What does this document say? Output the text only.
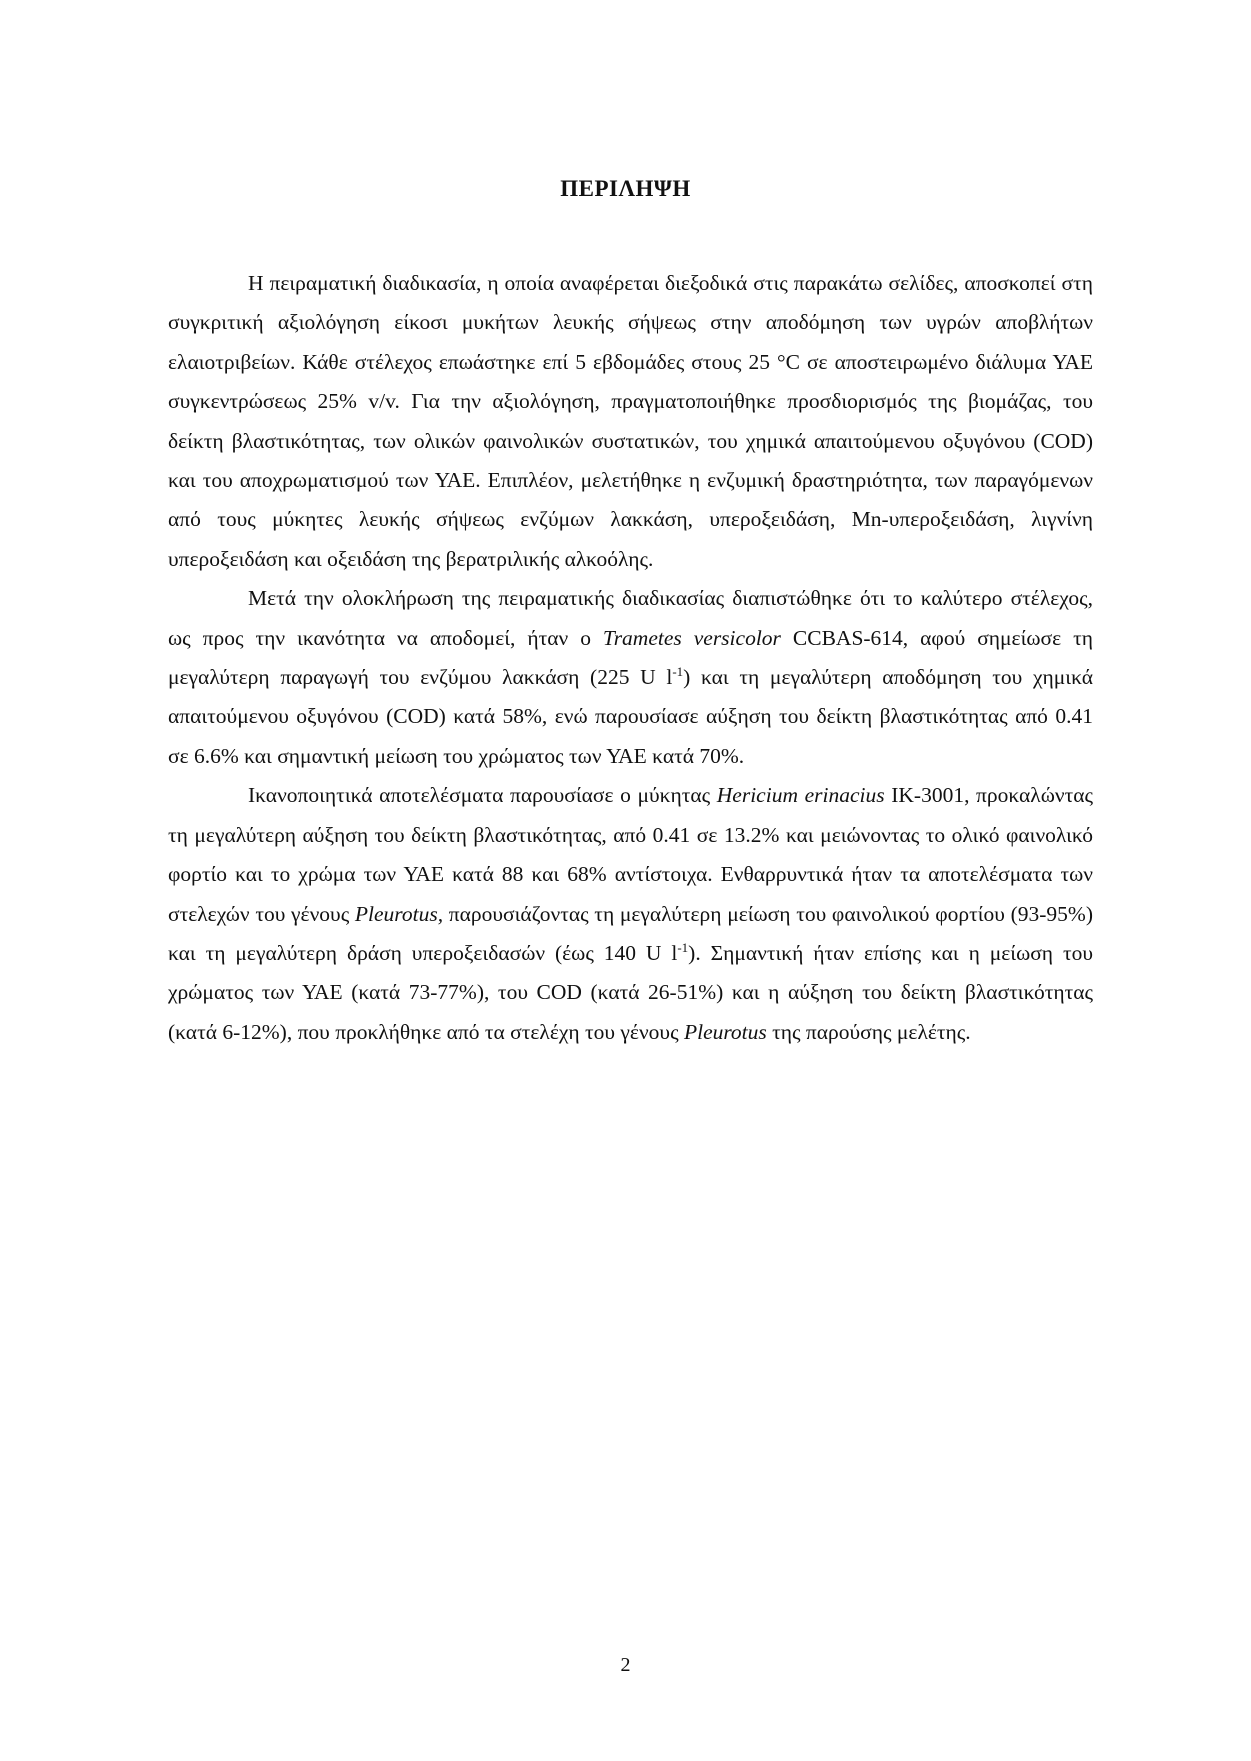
ΠΕΡΙΛΗΨΗ

Η πειραματική διαδικασία, η οποία αναφέρεται διεξοδικά στις παρακάτω σελίδες, αποσκοπεί στη συγκριτική αξιολόγηση είκοσι μυκήτων λευκής σήψεως στην αποδόμηση των υγρών αποβλήτων ελαιοτριβείων. Κάθε στέλεχος επωάστηκε επί 5 εβδομάδες στους 25 °C σε αποστειρωμένο διάλυμα ΥΑΕ συγκεντρώσεως 25% v/v. Για την αξιολόγηση, πραγματοποιήθηκε προσδιορισμός της βιομάζας, του δείκτη βλαστικότητας, των ολικών φαινολικών συστατικών, του χημικά απαιτούμενου οξυγόνου (COD) και του αποχρωματισμού των ΥΑΕ. Επιπλέον, μελετήθηκε η ενζυμική δραστηριότητα, των παραγόμενων από τους μύκητες λευκής σήψεως ενζύμων λακκάση, υπεροξειδάση, Mn-υπεροξειδάση, λιγνίνη υπεροξειδάση και οξειδάση της βερατριλικής αλκοόλης.

Μετά την ολοκλήρωση της πειραματικής διαδικασίας διαπιστώθηκε ότι το καλύτερο στέλεχος, ως προς την ικανότητα να αποδομεί, ήταν ο Trametes versicolor CCBAS-614, αφού σημείωσε τη μεγαλύτερη παραγωγή του ενζύμου λακκάση (225 U $l^{-1}$) και τη μεγαλύτερη αποδόμηση του χημικά απαιτούμενου οξυγόνου (COD) κατά 58%, ενώ παρουσίασε αύξηση του δείκτη βλαστικότητας από 0.41 σε 6.6% και σημαντική μείωση του χρώματος των ΥΑΕ κατά 70%.

Ικανοποιητικά αποτελέσματα παρουσίασε ο μύκητας Hericium erinacius IK-3001, προκαλώντας τη μεγαλύτερη αύξηση του δείκτη βλαστικότητας, από 0.41 σε 13.2% και μειώνοντας το ολικό φαινολικό φορτίο και το χρώμα των ΥΑΕ κατά 88 και 68% αντίστοιχα. Ενθαρρυντικά ήταν τα αποτελέσματα των στελεχών του γένους Pleurotus, παρουσιάζοντας τη μεγαλύτερη μείωση του φαινολικού φορτίου (93-95%) και τη μεγαλύτερη δράση υπεροξειδασών (έως 140 U $l^{-1}$). Σημαντική ήταν επίσης και η μείωση του χρώματος των ΥΑΕ (κατά 73-77%), του COD (κατά 26-51%) και η αύξηση του δείκτη βλαστικότητας (κατά 6-12%), που προκλήθηκε από τα στελέχη του γένους Pleurotus της παρούσης μελέτης.

2
